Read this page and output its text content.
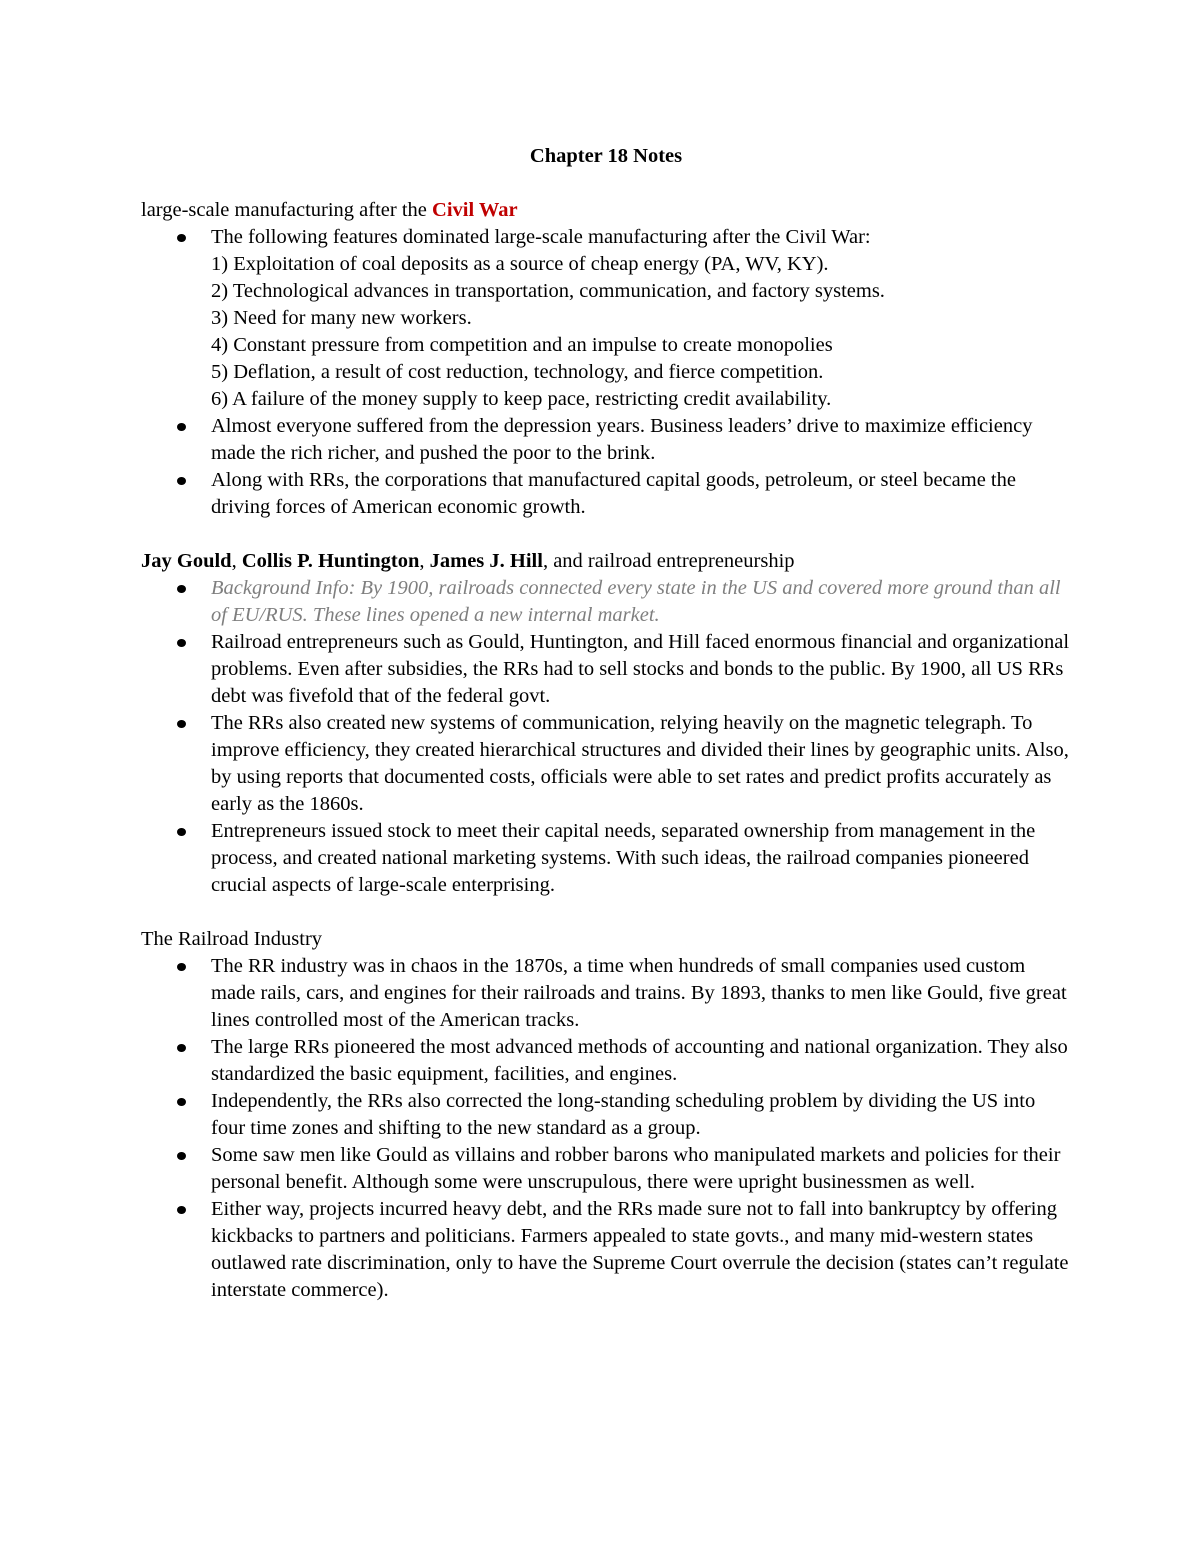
Chapter 18 Notes
large-scale manufacturing after the Civil War
The following features dominated large-scale manufacturing after the Civil War:
1) Exploitation of coal deposits as a source of cheap energy (PA, WV, KY).
2) Technological advances in transportation, communication, and factory systems.
3) Need for many new workers.
4) Constant pressure from competition and an impulse to create monopolies
5) Deflation, a result of cost reduction, technology, and fierce competition.
6) A failure of the money supply to keep pace, restricting credit availability.
Almost everyone suffered from the depression years. Business leaders’ drive to maximize efficiency made the rich richer, and pushed the poor to the brink.
Along with RRs, the corporations that manufactured capital goods, petroleum, or steel became the driving forces of American economic growth.
Jay Gould, Collis P. Huntington, James J. Hill, and railroad entrepreneurship
Background Info: By 1900, railroads connected every state in the US and covered more ground than all of EU/RUS. These lines opened a new internal market.
Railroad entrepreneurs such as Gould, Huntington, and Hill faced enormous financial and organizational problems. Even after subsidies, the RRs had to sell stocks and bonds to the public. By 1900, all US RRs debt was fivefold that of the federal govt.
The RRs also created new systems of communication, relying heavily on the magnetic telegraph. To improve efficiency, they created hierarchical structures and divided their lines by geographic units. Also, by using reports that documented costs, officials were able to set rates and predict profits accurately as early as the 1860s.
Entrepreneurs issued stock to meet their capital needs, separated ownership from management in the process, and created national marketing systems. With such ideas, the railroad companies pioneered crucial aspects of large-scale enterprising.
The Railroad Industry
The RR industry was in chaos in the 1870s, a time when hundreds of small companies used custom made rails, cars, and engines for their railroads and trains. By 1893, thanks to men like Gould, five great lines controlled most of the American tracks.
The large RRs pioneered the most advanced methods of accounting and national organization. They also standardized the basic equipment, facilities, and engines.
Independently, the RRs also corrected the long-standing scheduling problem by dividing the US into four time zones and shifting to the new standard as a group.
Some saw men like Gould as villains and robber barons who manipulated markets and policies for their personal benefit. Although some were unscrupulous, there were upright businessmen as well.
Either way, projects incurred heavy debt, and the RRs made sure not to fall into bankruptcy by offering kickbacks to partners and politicians. Farmers appealed to state govts., and many mid-western states outlawed rate discrimination, only to have the Supreme Court overrule the decision (states can’t regulate interstate commerce).
